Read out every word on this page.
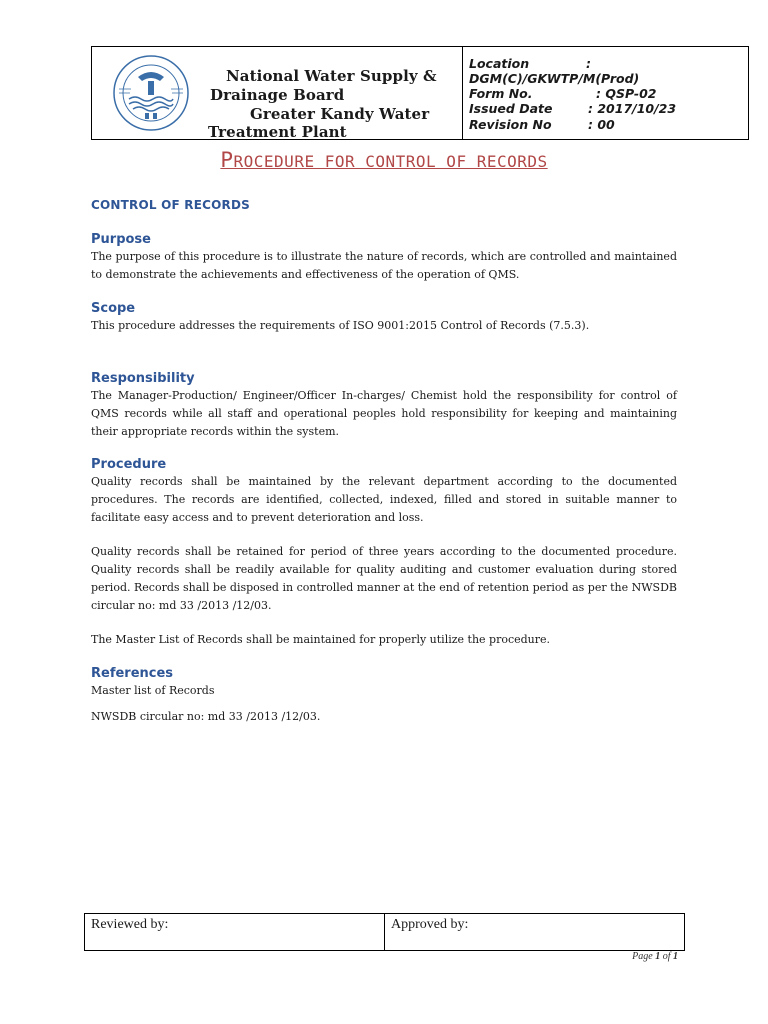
National Water Supply &
Drainage Board
Greater Kandy Water
Treatment Plant
Location	:
DGM(C)/GKWTP/M(Prod)
Form No.	: QSP-02
Issued Date	: 2017/10/23
Revision No	: 00
PROCEDURE FOR CONTROL OF RECORDS
CONTROL OF RECORDS
Purpose
The purpose of this procedure is to illustrate the nature of records, which are controlled and maintained to demonstrate the achievements and effectiveness of the operation of QMS.
Scope
This procedure addresses the requirements of ISO 9001:2015 Control of Records (7.5.3).
Responsibility
The Manager-Production/ Engineer/Officer In-charges/ Chemist hold the responsibility for control of QMS records while all staff and operational peoples hold responsibility for keeping and maintaining their appropriate records within the system.
Procedure
Quality records shall be maintained by the relevant department according to the documented procedures. The records are identified, collected, indexed, filled and stored in suitable manner to facilitate easy access and to prevent deterioration and loss.
Quality records shall be retained for period of three years according to the documented procedure. Quality records shall be readily available for quality auditing and customer evaluation during stored period. Records shall be disposed in controlled manner at the end of retention period as per the NWSDB circular no: md 33 /2013 /12/03.
The Master List of Records shall be maintained for properly utilize the procedure.
References
Master list of Records
NWSDB circular no: md 33 /2013 /12/03.
Reviewed by:	Approved by:
Page 1 of 1
